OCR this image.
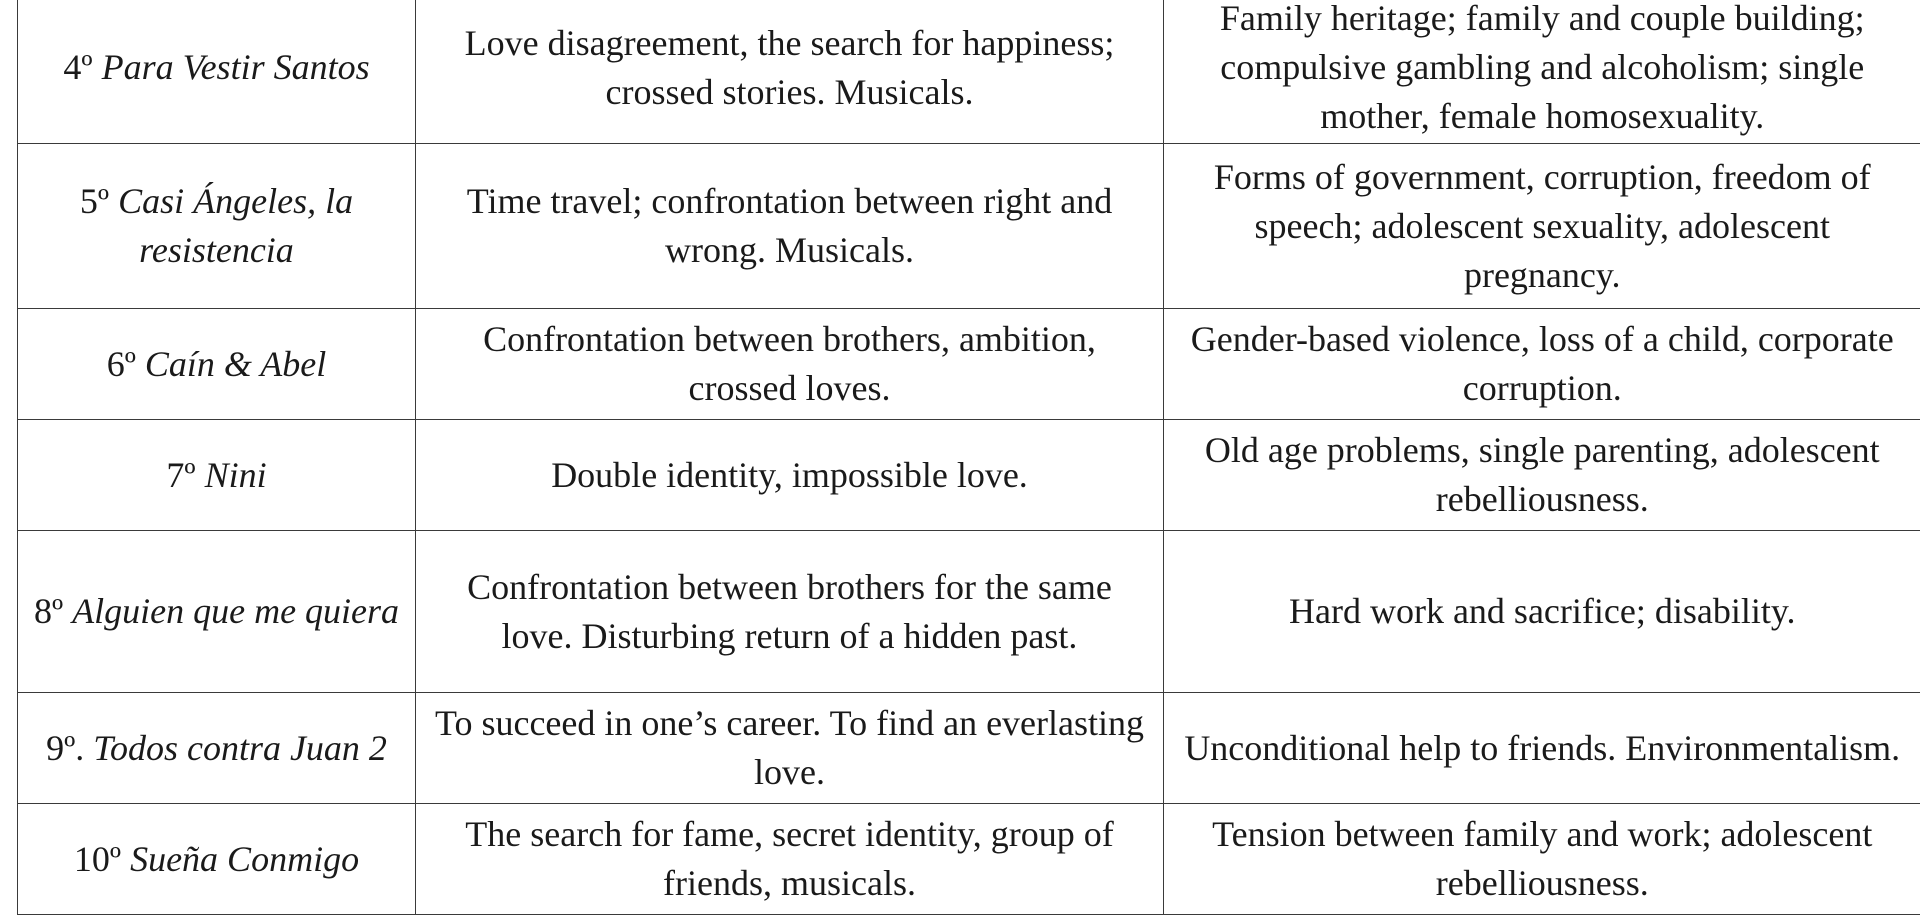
4º Para Vestir Santos	Love disagreement, the search for happiness; crossed stories. Musicals.	Family heritage; family and couple building; compulsive gambling and alcoholism; single mother, female homosexuality.
5º Casi Ángeles, la resistencia	Time travel; confrontation between right and wrong. Musicals.	Forms of government, corruption, freedom of speech; adolescent sexuality, adolescent pregnancy.
6º Caín & Abel	Confrontation between brothers, ambition, crossed loves.	Gender-based violence, loss of a child, corporate corruption.
7º Nini	Double identity, impossible love.	Old age problems, single parenting, adolescent rebelliousness.
8º Alguien que me quiera	Confrontation between brothers for the same love. Disturbing return of a hidden past.	Hard work and sacrifice; disability.
9º. Todos contra Juan 2	To succeed in one’s career. To find an everlasting love.	Unconditional help to friends. Environmentalism.
10º Sueña Conmigo	The search for fame, secret identity, group of friends, musicals.	Tension between family and work; adolescent rebelliousness.
